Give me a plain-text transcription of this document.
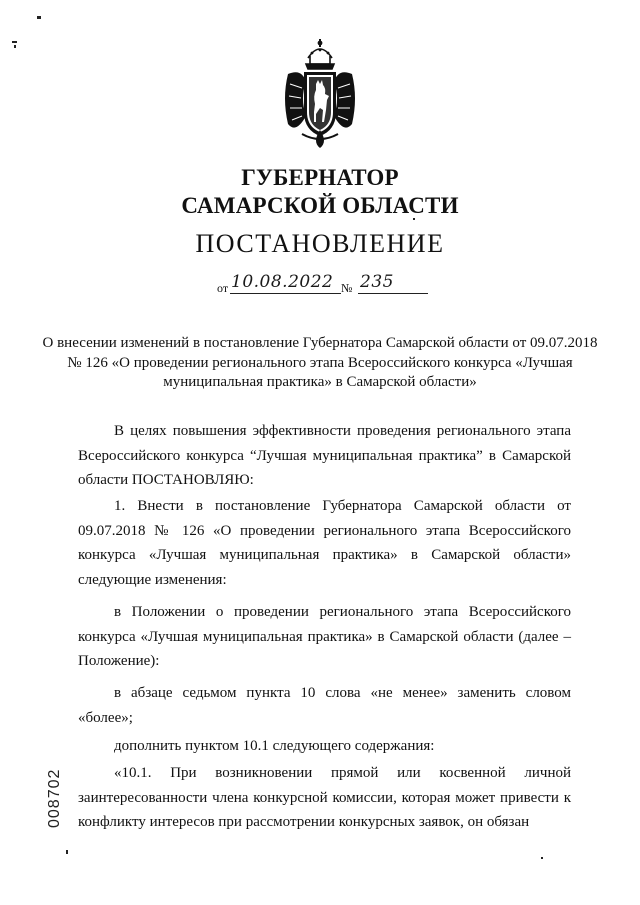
ГУБЕРНАТОР
САМАРСКОЙ ОБЛАСТИ
ПОСТАНОВЛЕНИЕ
от 10.08.2022 № 235
О внесении изменений в постановление Губернатора Самарской области от 09.07.2018 № 126 «О проведении регионального этапа Всероссийского конкурса «Лучшая муниципальная практика» в Самарской области»

В целях повышения эффективности проведения регионального этапа Всероссийского конкурса “Лучшая муниципальная практика” в Самарской области ПОСТАНОВЛЯЮ:

1. Внести в постановление Губернатора Самарской области от 09.07.2018 № 126 «О проведении регионального этапа Всероссийского конкурса «Лучшая муниципальная практика» в Самарской области» следующие изменения:

в Положении о проведении регионального этапа Всероссийского конкурса «Лучшая муниципальная практика» в Самарской области (далее – Положение):

в абзаце седьмом пункта 10 слова «не менее» заменить словом «более»;

дополнить пунктом 10.1 следующего содержания:

«10.1. При возникновении прямой или косвенной личной заинтересованности члена конкурсной комиссии, которая может привести к конфликту интересов при рассмотрении конкурсных заявок, он обязан

008702
